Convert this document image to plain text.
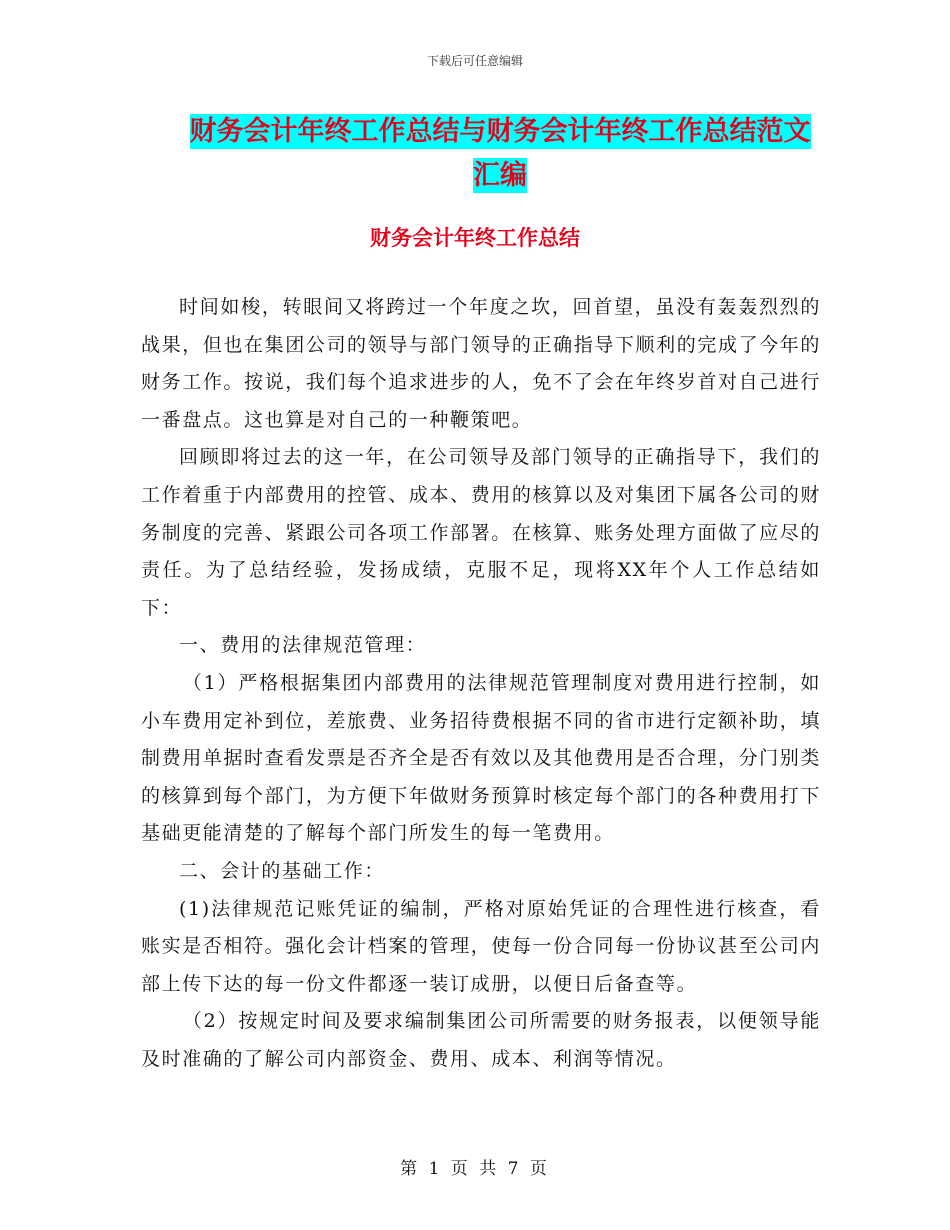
下载后可任意编辑
财务会计年终工作总结与财务会计年终工作总结范文
汇编
财务会计年终工作总结

时间如梭，转眼间又将跨过一个年度之坎，回首望，虽没有轰轰烈烈的战果，但也在集团公司的领导与部门领导的正确指导下顺利的完成了今年的财务工作。按说，我们每个追求进步的人，免不了会在年终岁首对自己进行一番盘点。这也算是对自己的一种鞭策吧。

回顾即将过去的这一年，在公司领导及部门领导的正确指导下，我们的工作着重于内部费用的控管、成本、费用的核算以及对集团下属各公司的财务制度的完善、紧跟公司各项工作部署。在核算、账务处理方面做了应尽的责任。为了总结经验，发扬成绩，克服不足，现将XX年个人工作总结如下：

一、费用的法律规范管理：

（1）严格根据集团内部费用的法律规范管理制度对费用进行控制，如小车费用定补到位，差旅费、业务招待费根据不同的省市进行定额补助，填制费用单据时查看发票是否齐全是否有效以及其他费用是否合理，分门别类的核算到每个部门，为方便下年做财务预算时核定每个部门的各种费用打下基础更能清楚的了解每个部门所发生的每一笔费用。

二、会计的基础工作：

(1)法律规范记账凭证的编制，严格对原始凭证的合理性进行核查，看账实是否相符。强化会计档案的管理，使每一份合同每一份协议甚至公司内部上传下达的每一份文件都逐一装订成册，以便日后备查等。

（2）按规定时间及要求编制集团公司所需要的财务报表，以便领导能及时准确的了解公司内部资金、费用、成本、利润等情况。

第 1 页 共 7 页
